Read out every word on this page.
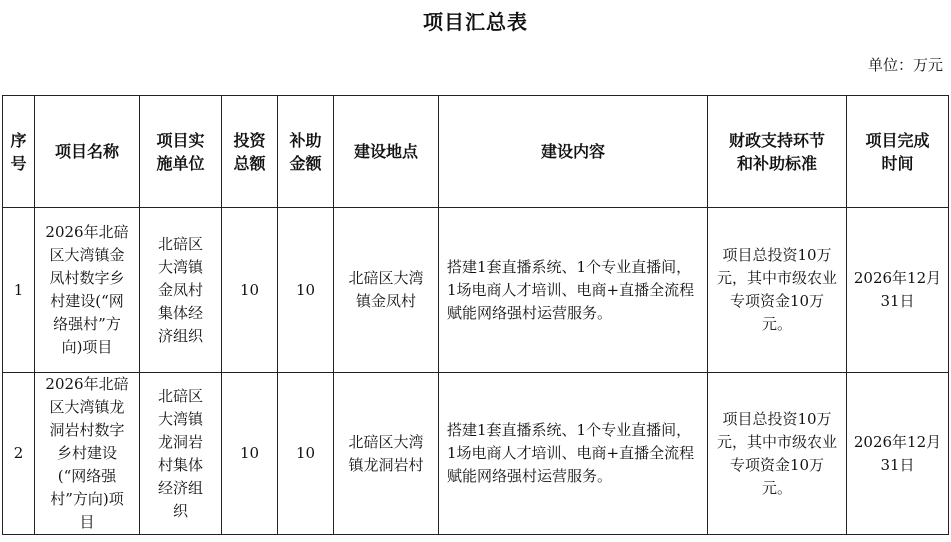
项目汇总表
单位：万元
序号	项目名称	项目实施单位	投资总额	补助金额	建设地点	建设内容	财政支持环节和补助标准	项目完成时间
1	2026年北碚区大湾镇金凤村数字乡村建设(“网络强村”方向)项目	北碚区大湾镇金凤村集体经济组织	10	10	北碚区大湾镇金凤村	搭建1套直播系统、1个专业直播间，1场电商人才培训、电商+直播全流程赋能网络强村运营服务。	项目总投资10万元，其中市级农业专项资金10万元。	2026年12月31日
2	2026年北碚区大湾镇龙洞岩村数字乡村建设(“网络强村”方向)项目	北碚区大湾镇龙洞岩村集体经济组织	10	10	北碚区大湾镇龙洞岩村	搭建1套直播系统、1个专业直播间，1场电商人才培训、电商+直播全流程赋能网络强村运营服务。	项目总投资10万元，其中市级农业专项资金10万元。	2026年12月31日
